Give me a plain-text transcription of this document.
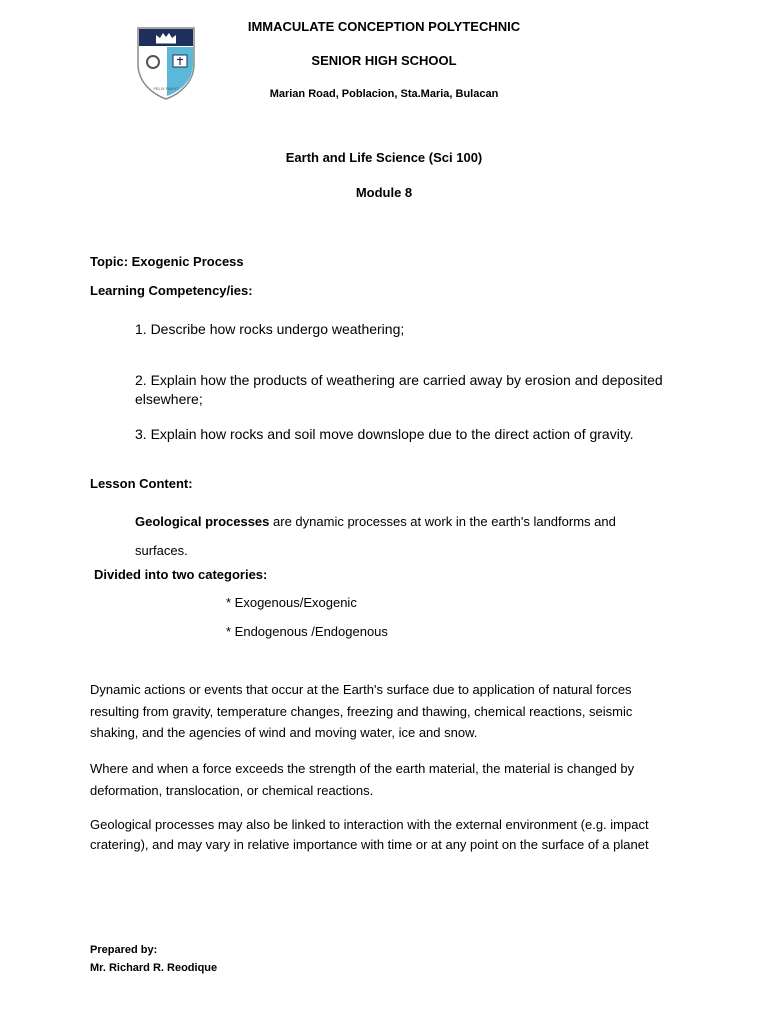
FELIX FAUST
IMMACULATE CONCEPTION POLYTECHNIC
SENIOR HIGH SCHOOL
Marian Road, Poblacion, Sta.Maria, Bulacan
Earth and Life Science (Sci 100)
Module 8
Topic: Exogenic Process
Learning Competency/ies:
1. Describe how rocks undergo weathering;
2. Explain how the products of weathering are carried away by erosion and deposited elsewhere;
3. Explain how rocks and soil move downslope due to the direct action of gravity.
Lesson Content:
Geological processes are dynamic processes at work in the earth's landforms and surfaces.
Divided into two categories:
* Exogenous/Exogenic
* Endogenous /Endogenous
Dynamic actions or events that occur at the Earth's surface due to application of natural forces resulting from gravity, temperature changes, freezing and thawing, chemical reactions, seismic shaking, and the agencies of wind and moving water, ice and snow.
Where and when a force exceeds the strength of the earth material, the material is changed by deformation, translocation, or chemical reactions.
Geological processes may also be linked to interaction with the external environment (e.g. impact cratering), and may vary in relative importance with time or at any point on the surface of a planet
Prepared by:
Mr. Richard R. Reodique
